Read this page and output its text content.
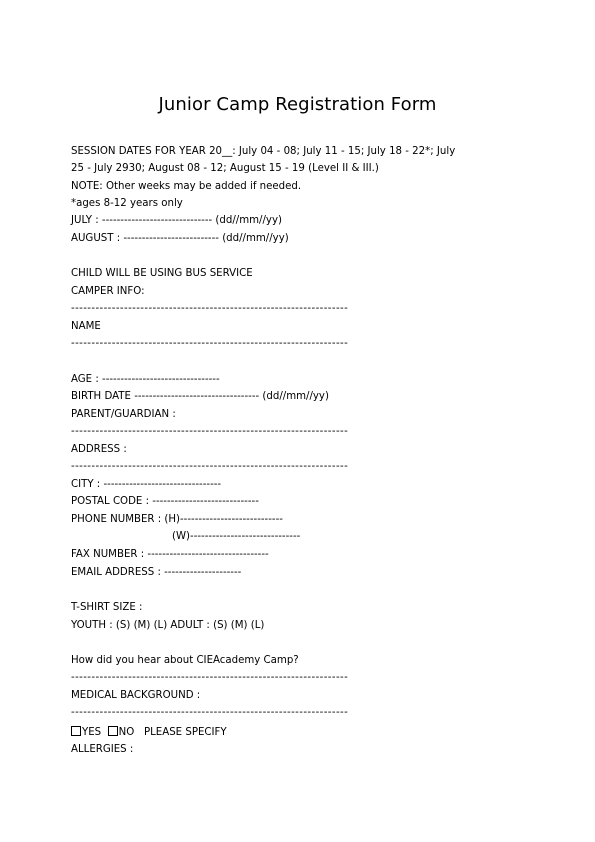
Junior Camp Registration Form

SESSION DATES FOR YEAR 20__: July 04 - 08; July 11 - 15; July 18 - 22*; July

25 - July 2930; August 08 - 12; August 15 - 19 (Level II & III.)

NOTE: Other weeks may be added if needed.

*ages 8-12 years only

JULY : ------------------------------ (dd//mm//yy)

AUGUST : -------------------------- (dd//mm//yy)

CHILD WILL BE USING BUS SERVICE

CAMPER INFO:

--------------------------------------------------------------------

NAME

--------------------------------------------------------------------

AGE : --------------------------------

BIRTH DATE ---------------------------------- (dd//mm//yy)

PARENT/GUARDIAN :

--------------------------------------------------------------------

ADDRESS :

--------------------------------------------------------------------

CITY : --------------------------------

POSTAL CODE : -----------------------------

PHONE NUMBER : (H)----------------------------

(W)------------------------------

FAX NUMBER : ---------------------------------

EMAIL ADDRESS : ---------------------

T-SHIRT SIZE :

YOUTH : (S) (M) (L) ADULT : (S) (M) (L)

How did you hear about CIEAcademy Camp?

--------------------------------------------------------------------

MEDICAL BACKGROUND :

--------------------------------------------------------------------

YES NO PLEASE SPECIFY

ALLERGIES :
